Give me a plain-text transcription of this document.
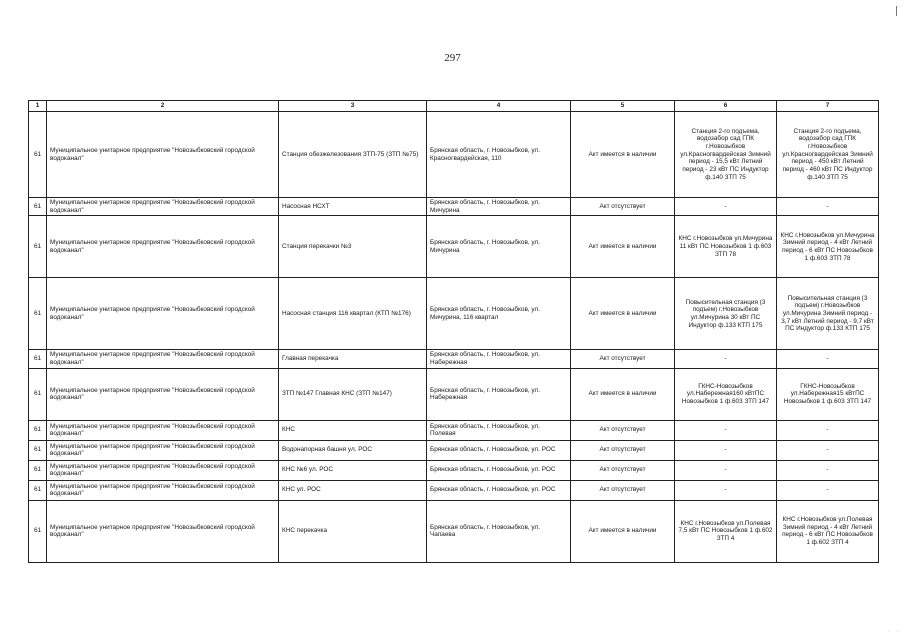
297
1	2	3	4	5	6	7
61	Муниципальное унитарное предприятие "Новозыбковский городской водоканал"	Станция обезжелезования ЗТП-75 (ЗТП №75)	Брянская область, г. Новозыбков, ул. Красногвардейская, 110	Акт имеется в наличии	Станция 2-го подъема, водозабор сад ГПК г.Новозыбков ул.Красногвардейская Зимний период - 15,5 кВт Летний период - 23 кВт ПС Индуктор ф.140 ЗТП 75	Станция 2-го подъема, водозабор сад ГПК г.Новозыбков ул.Красногвардейская Зимний период - 450 кВт Летний период - 460 кВт ПС Индуктор ф.140 ЗТП 75
61	Муниципальное унитарное предприятие "Новозыбковский городской водоканал"	Насосная НСХТ	Брянская область, г. Новозыбков, ул. Мичурина	Акт отсутствует	-	-
61	Муниципальное унитарное предприятие "Новозыбковский городской водоканал"	Станция перекачки №3	Брянская область, г. Новозыбков, ул. Мичурина	Акт имеется в наличии	КНС г.Новозыбков ул.Мичурина 11 кВт ПС Новозыбков 1 ф.603 ЗТП 78	КНС г.Новозыбков ул.Мичурина Зимний период - 4 кВт Летний период - 6 кВт ПС Новозыбков 1 ф.603 ЗТП 78
61	Муниципальное унитарное предприятие "Новозыбковский городской водоканал"	Насосная станция 116 квартал (КТП №176)	Брянская область, г. Новозыбков, ул. Мичурина, 116 квартал	Акт имеется в наличии	Повысительная станция (3 подъем) г.Новозыбков ул.Мичурина 30 кВт ПС Индуктор ф.133 КТП 175	Повысительная станция (3 подъем) г.Новозыбков ул.Мичурина Зимний период - 3,7 кВт Летний период - 9,7 кВт ПС Индуктор ф.133 КТП 175
61	Муниципальное унитарное предприятие "Новозыбковский городской водоканал"	Главная перекачка	Брянская область, г. Новозыбков, ул. Набережная	Акт отсутствует	-	-
61	Муниципальное унитарное предприятие "Новозыбковский городской водоканал"	ЗТП №147 Главная КНС (ЗТП №147)	Брянская область, г. Новозыбков, ул. Набережная	Акт имеется в наличии	ГКНС-Новозыбков ул.Набережная160 кВтПС Новозыбков 1 ф.603 ЗТП 147	ГКНС-Новозыбков ул.Набережная15 кВтПС Новозыбков 1 ф.603 ЗТП 147
61	Муниципальное унитарное предприятие "Новозыбковский городской водоканал"	КНС	Брянская область, г. Новозыбков, ул. Полевая	Акт отсутствует	-	-
61	Муниципальное унитарное предприятие "Новозыбковский городской водоканал"	Водонапорная башня ул. РОС	Брянская область, г. Новозыбков, ул. РОС	Акт отсутствует	-	-
61	Муниципальное унитарное предприятие "Новозыбковский городской водоканал"	КНС №6 ул. РОС	Брянская область, г. Новозыбков, ул. РОС	Акт отсутствует	-	-
61	Муниципальное унитарное предприятие "Новозыбковский городской водоканал"	КНС ул. РОС	Брянская область, г. Новозыбков, ул. РОС	Акт отсутствует	-	-
61	Муниципальное унитарное предприятие "Новозыбковский городской водоканал"	КНС перекачка	Брянская область, г. Новозыбков, ул. Чапаева	Акт имеется в наличии	КНС г.Новозыбков ул.Полевая 7,5 кВт ПС Новозыбков 1 ф.602 ЗТП 4	КНС г.Новозыбков ул.Полевая Зимний период - 4 кВт Летний период - 6 кВт ПС Новозыбков 1 ф.602 ЗТП 4
· ·
